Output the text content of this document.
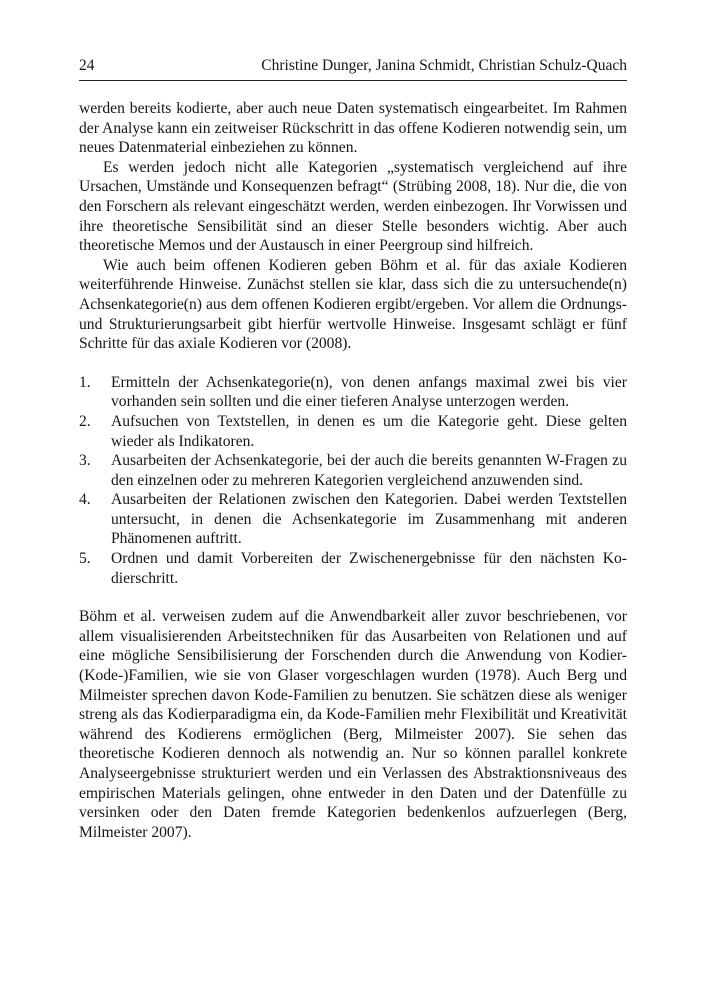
24	Christine Dunger, Janina Schmidt, Christian Schulz-Quach

werden bereits kodierte, aber auch neue Daten systematisch eingearbeitet. Im Rahmen der Analyse kann ein zeitweiser Rückschritt in das offene Kodieren notwendig sein, um neues Datenmaterial einbeziehen zu können.

Es werden jedoch nicht alle Kategorien „systematisch vergleichend auf ihre Ursachen, Umstände und Konsequenzen befragt“ (Strübing 2008, 18). Nur die, die von den Forschern als relevant eingeschätzt werden, werden einbezogen. Ihr Vorwissen und ihre theoretische Sensibilität sind an dieser Stelle besonders wichtig. Aber auch theoretische Memos und der Austausch in einer Peergroup sind hilfreich.

Wie auch beim offenen Kodieren geben Böhm et al. für das axiale Kodieren weiterführende Hinweise. Zunächst stellen sie klar, dass sich die zu untersuchende(n) Achsenkategorie(n) aus dem offenen Kodieren ergibt/ergeben. Vor allem die Ordnungs- und Strukturierungsarbeit gibt hierfür wertvolle Hinweise. Insgesamt schlägt er fünf Schritte für das axiale Kodieren vor (2008).

1. Ermitteln der Achsenkategorie(n), von denen anfangs maximal zwei bis vier vorhanden sein sollten und die einer tieferen Analyse unterzogen werden.
2. Aufsuchen von Textstellen, in denen es um die Kategorie geht. Diese gelten wieder als Indikatoren.
3. Ausarbeiten der Achsenkategorie, bei der auch die bereits genannten W-Fragen zu den einzelnen oder zu mehreren Kategorien vergleichend anzuwenden sind.
4. Ausarbeiten der Relationen zwischen den Kategorien. Dabei werden Textstellen untersucht, in denen die Achsenkategorie im Zusammenhang mit anderen Phänomenen auftritt.
5. Ordnen und damit Vorbereiten der Zwischenergebnisse für den nächsten Kodierschritt.

Böhm et al. verweisen zudem auf die Anwendbarkeit aller zuvor beschriebenen, vor allem visualisierenden Arbeitstechniken für das Ausarbeiten von Relationen und auf eine mögliche Sensibilisierung der Forschenden durch die Anwendung von Kodier-(Kode-)Familien, wie sie von Glaser vorgeschlagen wurden (1978). Auch Berg und Milmeister sprechen davon Kode-Familien zu benutzen. Sie schätzen diese als weniger streng als das Kodierparadigma ein, da Kode-Familien mehr Flexibilität und Kreativität während des Kodierens ermöglichen (Berg, Milmeister 2007). Sie sehen das theoretische Kodieren dennoch als notwendig an. Nur so können parallel konkrete Analyseergebnisse strukturiert werden und ein Verlassen des Abstraktionsniveaus des empirischen Materials gelingen, ohne entweder in den Daten und der Datenfülle zu versinken oder den Daten fremde Kategorien bedenkenlos aufzuerlegen (Berg, Milmeister 2007).
